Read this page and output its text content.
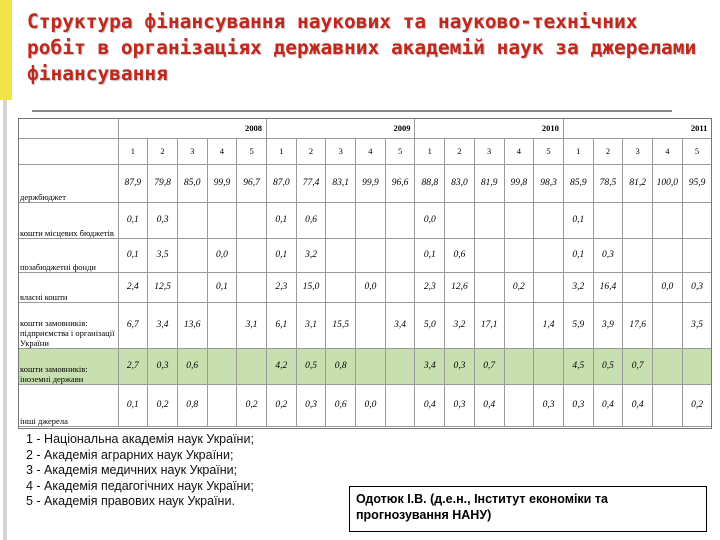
Структура фінансування наукових та науково-технічних робіт в організаціях державних академій наук за джерелами фінансування
	2008					2009					2010					2011				
	1	2	3	4	5	1	2	3	4	5	1	2	3	4	5	1	2	3	4	5
держбюджет	87,9	79,8	85,0	99,9	96,7	87,0	77,4	83,1	99,9	96,6	88,8	83,0	81,9	99,8	98,3	85,9	78,5	81,2	100,0	95,9
кошти місцевих бюджетів	0,1	0,3				0,1	0,6				0,0					0,1				
позабюджетні фонди	0,1	3,5		0,0		0,1	3,2				0,1	0,6				0,1	0,3			
власні кошти	2,4	12,5		0,1		2,3	15,0		0,0		2,3	12,6		0,2		3,2	16,4		0,0	0,3
кошти замовників: підприємства і організації України	6,7	3,4	13,6		3,1	6,1	3,1	15,5		3,4	5,0	3,2	17,1		1,4	5,9	3,9	17,6		3,5
кошти замовників: іноземні держави	2,7	0,3	0,6			4,2	0,5	0,8			3,4	0,3	0,7			4,5	0,5	0,7		
інші джерела	0,1	0,2	0,8		0,2	0,2	0,3	0,6	0,0		0,4	0,3	0,4		0,3	0,3	0,4	0,4		0,2
1 - Національна академія наук України;
2 - Академія аграрних наук України;
3 - Академія медичних наук України;
4 - Академія педагогічних наук України;
5 - Академія правових наук України.	Одотюк І.В. (д.е.н., Інститут економіки та прогнозування НАНУ)
